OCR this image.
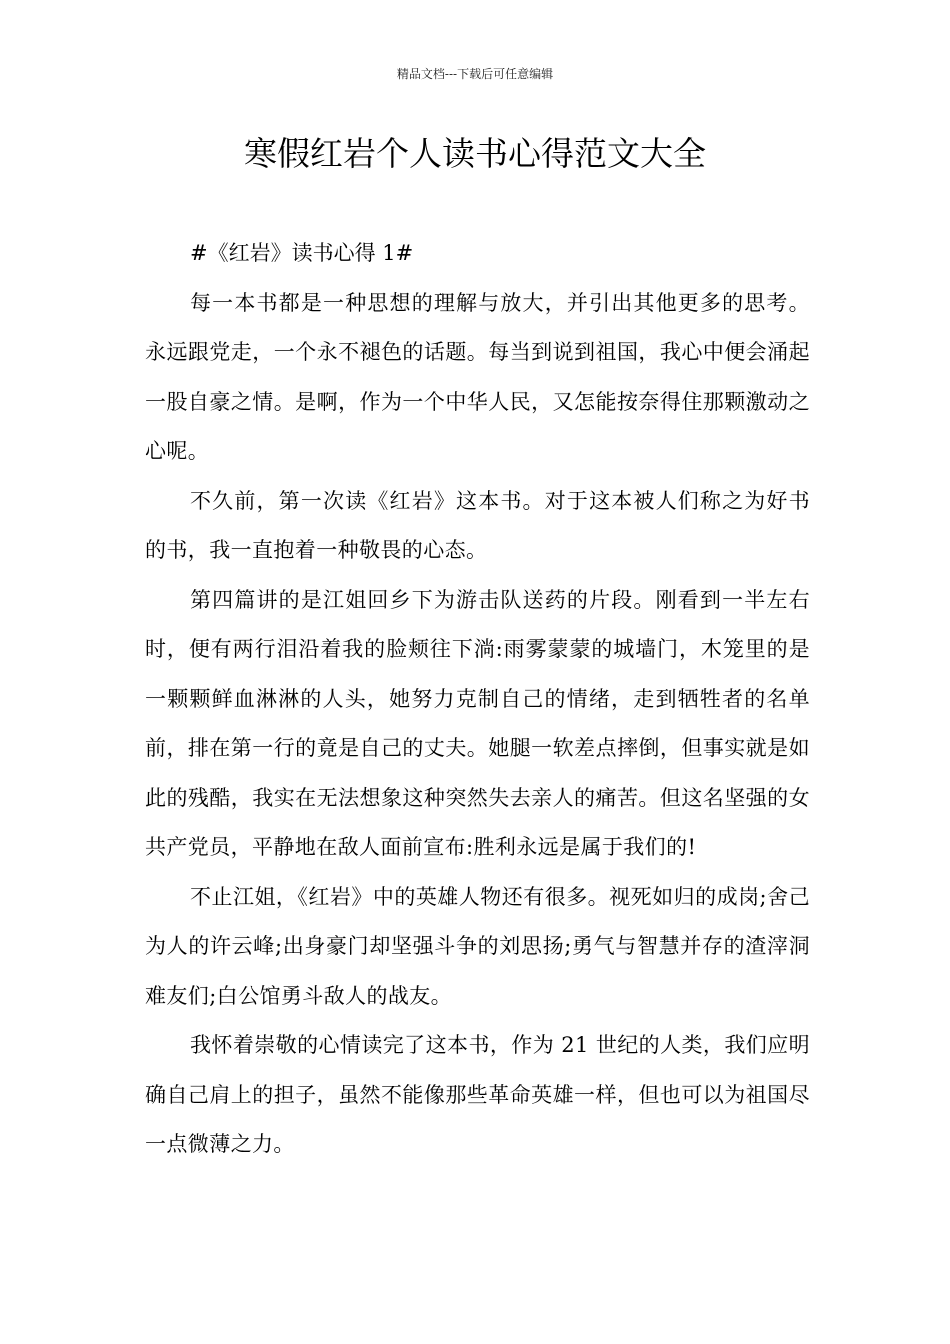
精品文档---下载后可任意编辑
寒假红岩个人读书心得范文大全

#《红岩》读书心得 1#

每一本书都是一种思想的理解与放大，并引出其他更多的思考。永远跟党走，一个永不褪色的话题。每当到说到祖国，我心中便会涌起一股自豪之情。是啊，作为一个中华人民，又怎能按奈得住那颗激动之心呢。

不久前，第一次读《红岩》这本书。对于这本被人们称之为好书的书，我一直抱着一种敬畏的心态。

第四篇讲的是江姐回乡下为游击队送药的片段。刚看到一半左右时，便有两行泪沿着我的脸颊往下淌:雨雾蒙蒙的城墙门，木笼里的是一颗颗鲜血淋淋的人头，她努力克制自己的情绪，走到牺牲者的名单前，排在第一行的竟是自己的丈夫。她腿一软差点摔倒，但事实就是如此的残酷，我实在无法想象这种突然失去亲人的痛苦。但这名坚强的女共产党员，平静地在敌人面前宣布:胜利永远是属于我们的!

不止江姐，《红岩》中的英雄人物还有很多。视死如归的成岗;舍己为人的许云峰;出身豪门却坚强斗争的刘思扬;勇气与智慧并存的渣滓洞难友们;白公馆勇斗敌人的战友。

我怀着崇敬的心情读完了这本书，作为 21 世纪的人类，我们应明确自己肩上的担子，虽然不能像那些革命英雄一样，但也可以为祖国尽一点微薄之力。
